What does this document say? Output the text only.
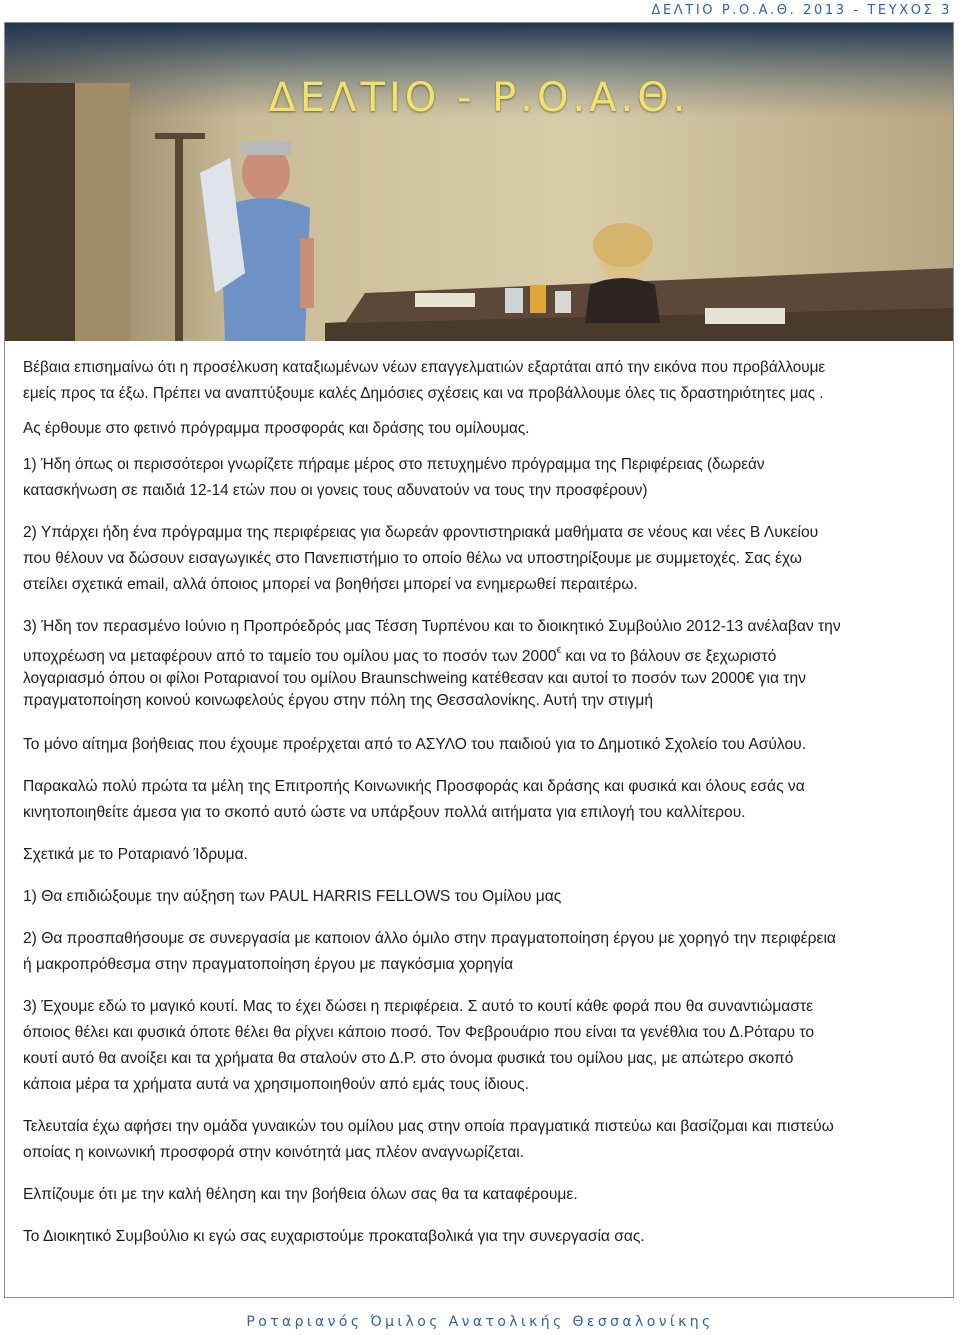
ΔΕΛΤΙΟ Ρ.Ο.Α.Θ. 2013 - ΤΕΥΧΟΣ 3
ΔΕΛΤΙΟ - Ρ.Ο.Α.Θ.

Βέβαια επισημαίνω ότι η προσέλκυση καταξιωμένων νέων επαγγελματιών εξαρτάται από την εικόνα που προβάλλουμε

εμείς προς τα έξω. Πρέπει να αναπτύξουμε καλές Δημόσιες σχέσεις και να προβάλλουμε όλες τις δραστηριότητες μας .

Ας έρθουμε στο φετινό πρόγραμμα προσφοράς και δράσης του ομίλουμας.

1) Ήδη όπως οι περισσότεροι γνωρίζετε πήραμε μέρος στο πετυχημένο πρόγραμμα της Περιφέρειας (δωρεάν

κατασκήνωση σε παιδιά 12-14 ετών που οι γονεις τους αδυνατούν να τους την προσφέρουν)

2) Υπάρχει ήδη ένα πρόγραμμα της περιφέρειας για δωρεάν φροντιστηριακά μαθήματα σε νέους και νέες Β Λυκείου

που θέλουν να δώσουν εισαγωγικές στο Πανεπιστήμιο το οποίο θέλω να υποστηρίξουμε με συμμετοχές. Σας έχω

στείλει σχετικά email, αλλά όποιος μπορεί να βοηθήσει μπορεί να ενημερωθεί περαιτέρω.

3) Ήδη τον περασμένο Ιούνιο η Προπρόεδρός μας Τέσση Τυρπένου και το διοικητικό Συμβούλιο 2012-13 ανέλαβαν την

υποχρέωση να μεταφέρουν από το ταμείο του ομίλου μας το ποσόν των 2000€ και να το βάλουν σε ξεχωριστό

λογαριασμό όπου οι φίλοι Ροταριανοί του ομίλου Braunschweing κατέθεσαν και αυτοί το ποσόν των 2000€ για την

πραγματοποίηση κοινού κοινωφελούς έργου στην πόλη της Θεσσαλονίκης. Αυτή την στιγμή

Το μόνο αίτημα βοήθειας που έχουμε προέρχεται από το ΑΣΥΛΟ του παιδιού για το Δημοτικό Σχολείο του Ασύλου.

Παρακαλώ πολύ πρώτα τα μέλη της Επιτροπής Κοινωνικής Προσφοράς και δράσης και φυσικά και όλους εσάς να

κινητοποιηθείτε άμεσα για το σκοπό αυτό ώστε να υπάρξουν πολλά αιτήματα για επιλογή του καλλίτερου.

Σχετικά με το Ροταριανό Ίδρυμα.

1) Θα επιδιώξουμε την αύξηση των PAUL HARRIS FELLOWS του Ομίλου μας

2) Θα προσπαθήσουμε σε συνεργασία με καποιον άλλο όμιλο στην πραγματοποίηση έργου με χορηγό την περιφέρεια

ή μακροπρόθεσμα στην πραγματοποίηση έργου με παγκόσμια χορηγία

3) Έχουμε εδώ το μαγικό κουτί. Μας το έχει δώσει η περιφέρεια. Σ αυτό το κουτί κάθε φορά που θα συναντιώμαστε

όποιος θέλει και φυσικά όποτε θέλει θα ρίχνει κάποιο ποσό. Τον Φεβρουάριο που είναι τα γενέθλια του Δ.Ρόταρυ το

κουτί αυτό θα ανοίξει και τα χρήματα θα σταλούν στο Δ.Ρ. στο όνομα φυσικά του ομίλου μας, με απώτερο σκοπό

κάποια μέρα τα χρήματα αυτά να χρησιμοποιηθούν από εμάς τους ίδιους.

Τελευταία έχω αφήσει την ομάδα γυναικών του ομίλου μας στην οποία πραγματικά πιστεύω και βασίζομαι και πιστεύω

οποίας η κοινωνική προσφορά στην κοινότητά μας πλέον αναγνωρίζεται.

Ελπίζουμε ότι με την καλή θέληση και την βοήθεια όλων σας θα τα καταφέρουμε.

Το Διοικητικό Συμβούλιο κι εγώ σας ευχαριστούμε προκαταβολικά για την συνεργασία σας.

Ροταριανός Όμιλος Ανατολικής Θεσσαλονίκης
